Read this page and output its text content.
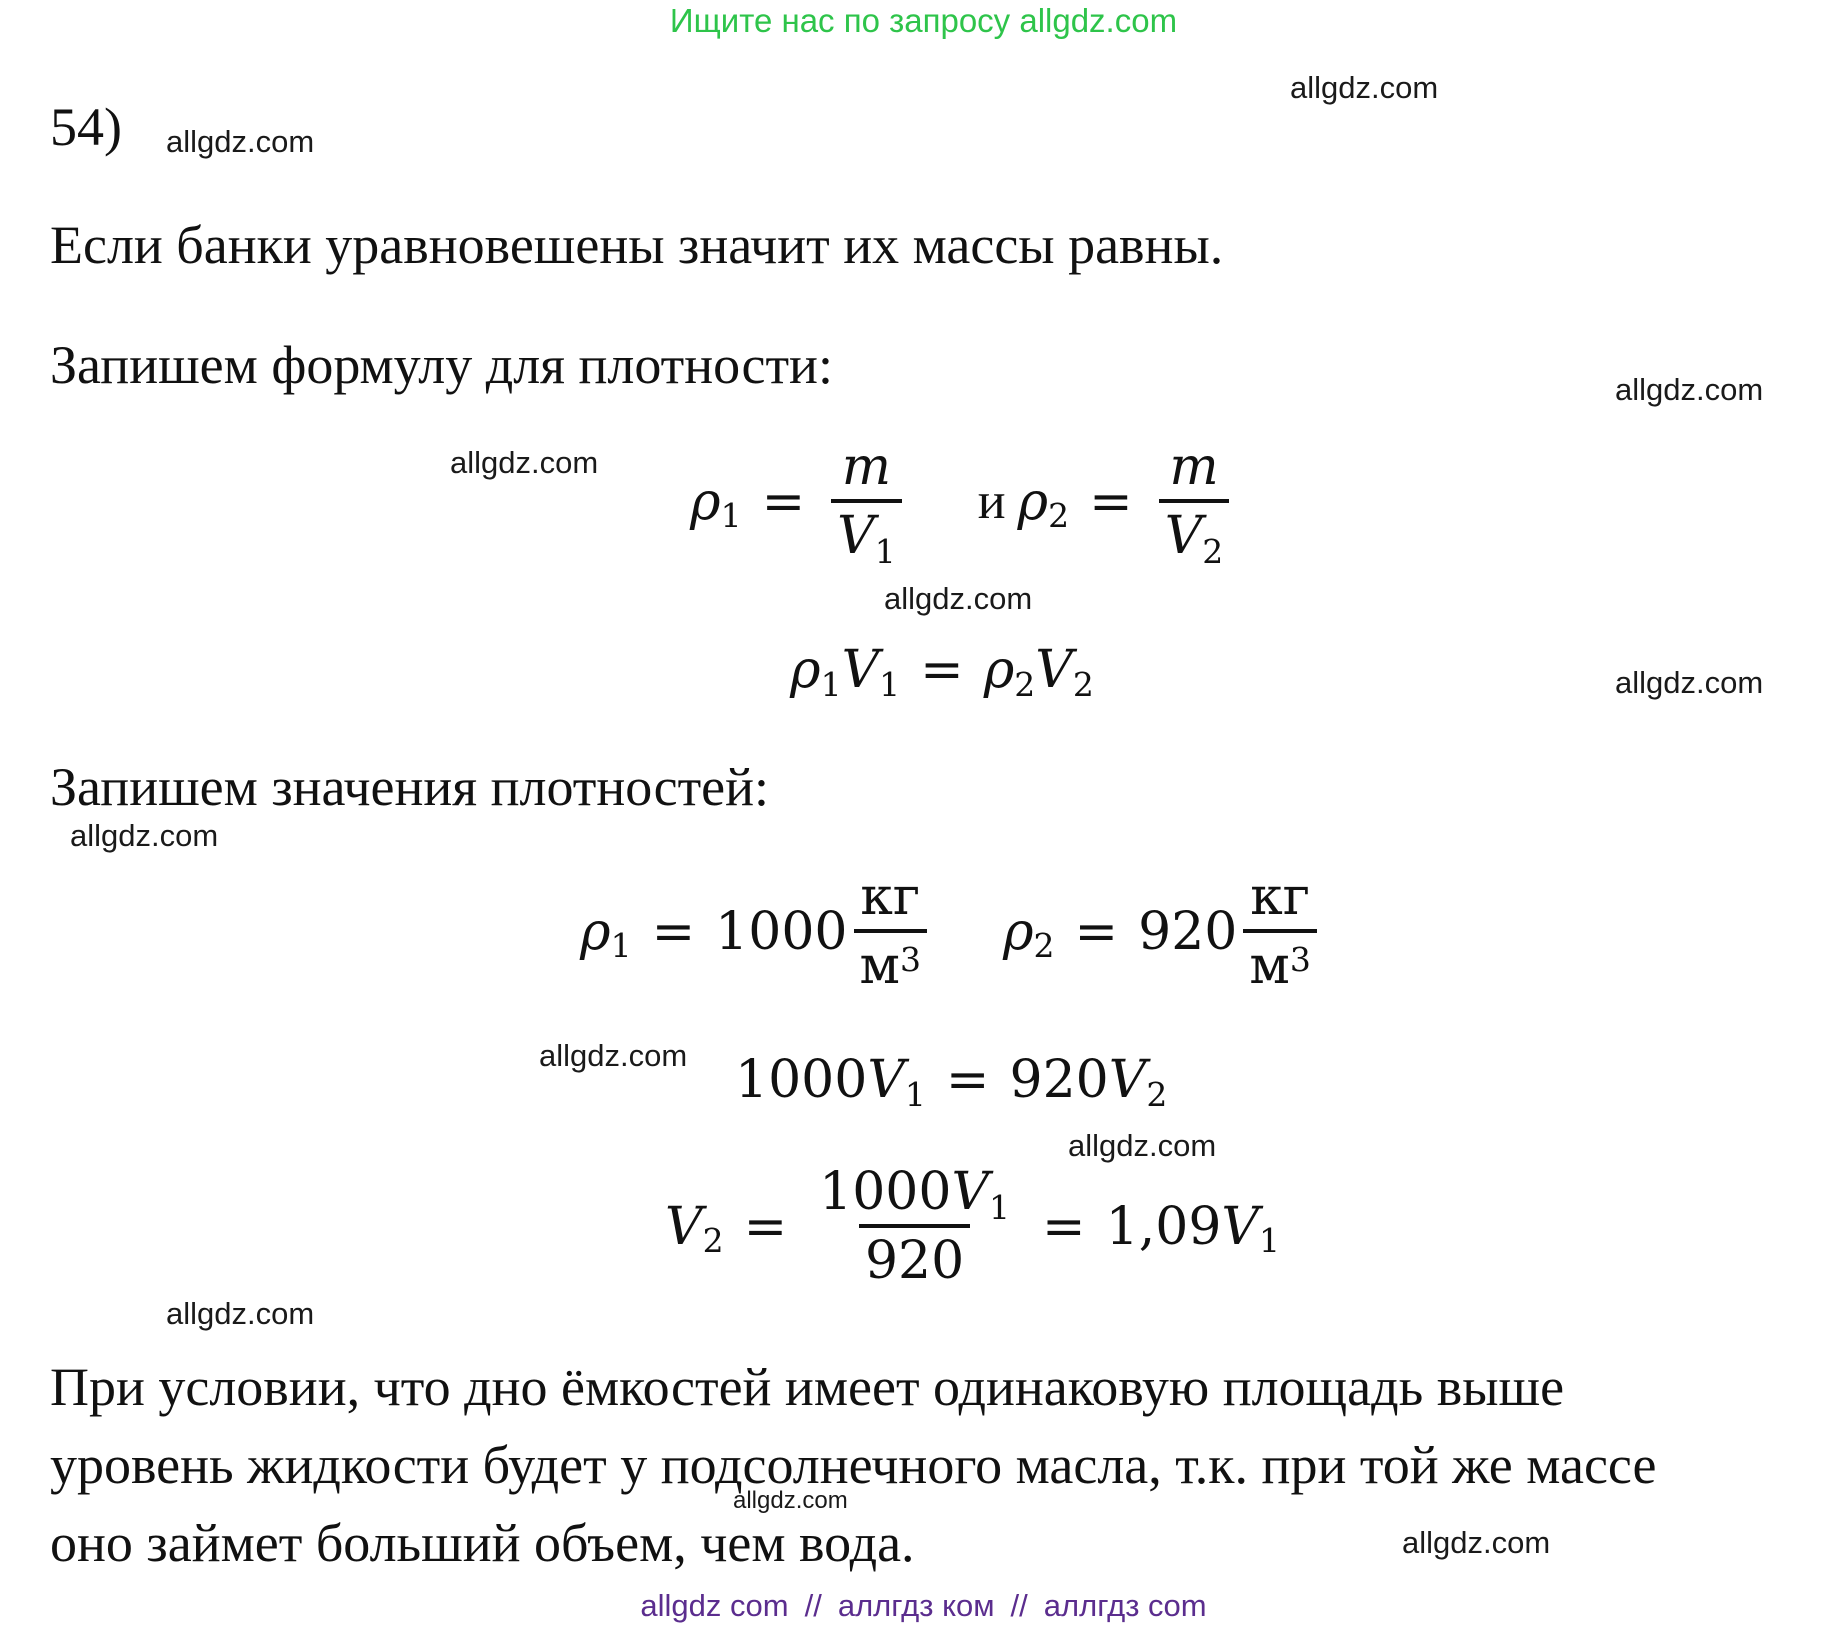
Ищите нас по запросу allgdz.com
54)
Если банки уравновешены значит их массы равны.
Запишем формулу для плотности:
ρ $1 = \frac{m}{V1}$ и ρ $2 = \frac{m}{V2}$
ρ 1 V 1 = ρ 2 V 2
Запишем значения плотностей:
ρ $1 = 1000 \frac{кг}{м^3}$ ρ $2 = 920 \frac{кг}{м^3}$
1000 V 1 = 920 V 2
V $2 = \frac{1000V1}{920} = 1,09$ V 1
При условии, что дно ёмкостей имеет одинаковую площадь выше
уровень жидкости будет у подсолнечного масла, т.к. при той же массе
оно займет больший объем, чем вода.
allgdz.com
allgdz.com
allgdz.com
allgdz.com
allgdz.com
allgdz.com
allgdz.com
allgdz.com
allgdz.com
allgdz.com
allgdz.com
allgdz.com
allgdz com // аллгдз ком // аллгдз com
